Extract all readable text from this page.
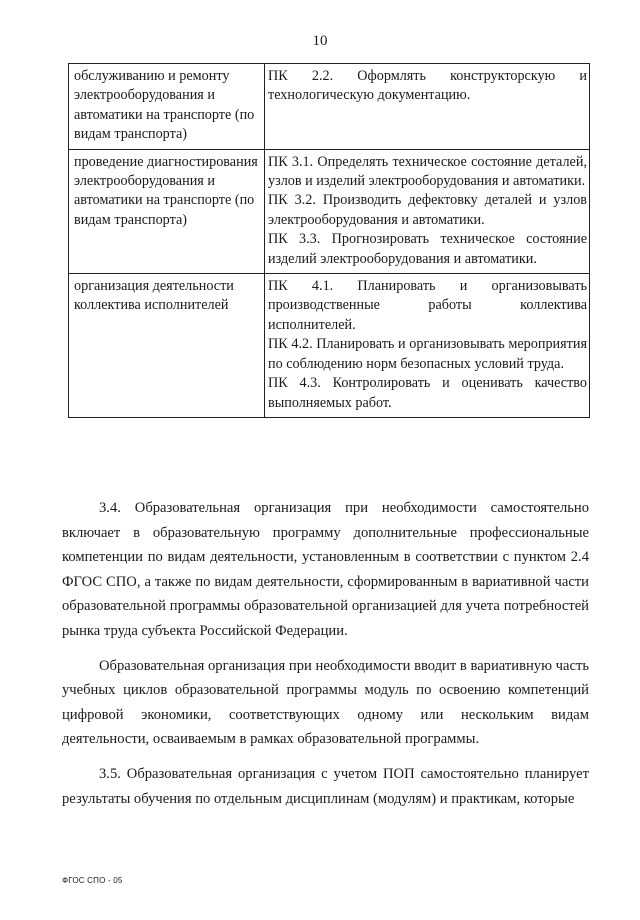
10
обслуживанию и ремонту электрооборудования и автоматики на транспорте (по видам транспорта)	ПК 2.2. Оформлять конструкторскую и технологическую документацию.

проведение диагностирования электрооборудования и автоматики на транспорте (по видам транспорта)	ПК 3.1. Определять техническое состояние деталей, узлов и изделий электрооборудования и автоматики.
ПК 3.2. Производить дефектовку деталей и узлов электрооборудования и автоматики.
ПК 3.3. Прогнозировать техническое состояние изделий электрооборудования и автоматики.

организация деятельности коллектива исполнителей	ПК 4.1. Планировать и организовывать производственные работы коллектива исполнителей.
ПК 4.2. Планировать и организовывать мероприятия по соблюдению норм безопасных условий труда.
ПК 4.3. Контролировать и оценивать качество выполняемых работ.

3.4. Образовательная организация при необходимости самостоятельно включает в образовательную программу дополнительные профессиональные компетенции по видам деятельности, установленным в соответствии с пунктом 2.4 ФГОС СПО, а также по видам деятельности, сформированным в вариативной части образовательной программы образовательной организацией для учета потребностей рынка труда субъекта Российской Федерации.

Образовательная организация при необходимости вводит в вариативную часть учебных циклов образовательной программы модуль по освоению компетенций цифровой экономики, соответствующих одному или нескольким видам деятельности, осваиваемым в рамках образовательной программы.

3.5. Образовательная организация с учетом ПОП самостоятельно планирует результаты обучения по отдельным дисциплинам (модулям) и практикам, которые

ФГОС СПО - 05
